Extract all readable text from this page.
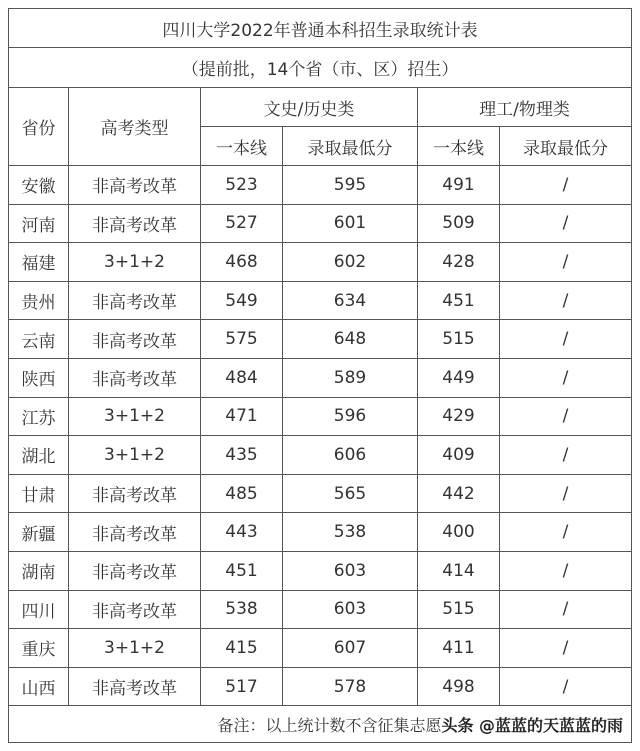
四川大学2022年普通本科招生录取统计表					
（提前批，14个省（市、区）招生）					
省份	高考类型	文史/历史类		理工/物理类	
		一本线	录取最低分	一本线	录取最低分
安徽	非高考改革	523	595	491	/
河南	非高考改革	527	601	509	/
福建	3+1+2	468	602	428	/
贵州	非高考改革	549	634	451	/
云南	非高考改革	575	648	515	/
陕西	非高考改革	484	589	449	/
江苏	3+1+2	471	596	429	/
湖北	3+1+2	435	606	409	/
甘肃	非高考改革	485	565	442	/
新疆	非高考改革	443	538	400	/
湖南	非高考改革	451	603	414	/
四川	非高考改革	538	603	515	/
重庆	3+1+2	415	607	411	/
山西	非高考改革	517	578	498	/
备注：以上统计数不含征集志愿头条 @蓝蓝的天蓝蓝的雨					
